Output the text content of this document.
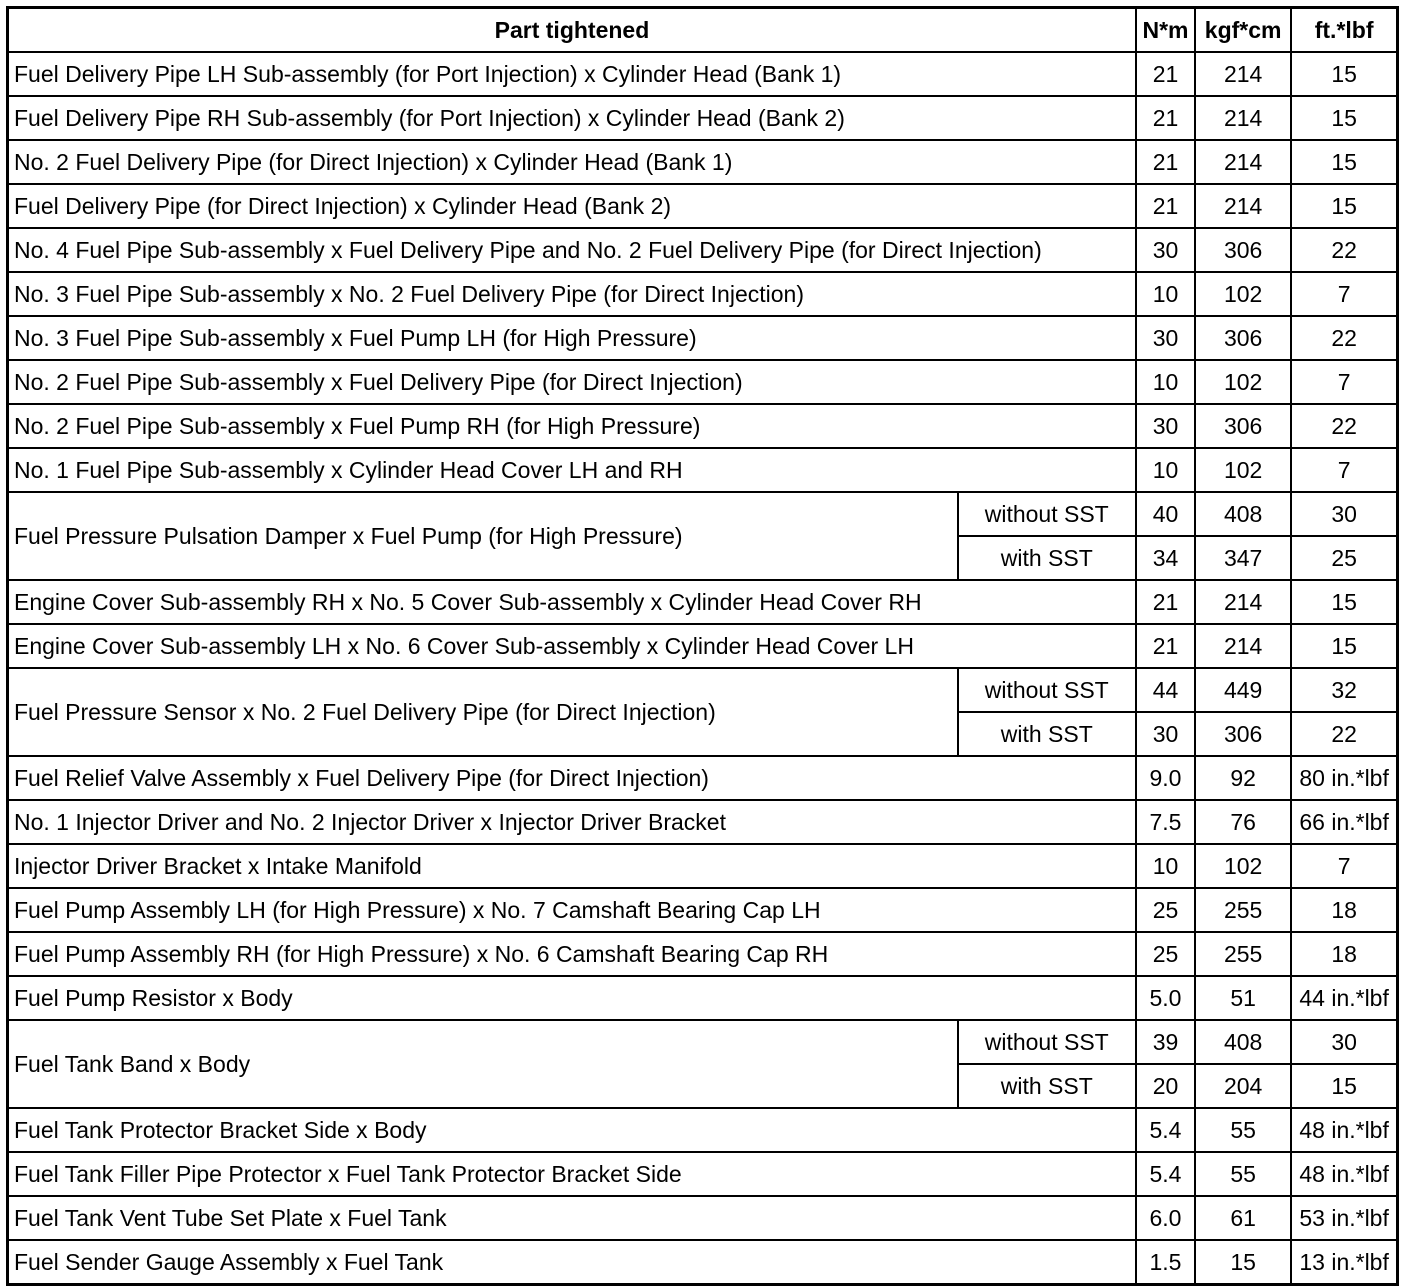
Part tightened		N*m	kgf*cm	ft.*lbf
Fuel Delivery Pipe LH Sub-assembly (for Port Injection) x Cylinder Head (Bank 1)		21	214	15
Fuel Delivery Pipe RH Sub-assembly (for Port Injection) x Cylinder Head (Bank 2)		21	214	15
No. 2 Fuel Delivery Pipe (for Direct Injection) x Cylinder Head (Bank 1)		21	214	15
Fuel Delivery Pipe (for Direct Injection) x Cylinder Head (Bank 2)		21	214	15
No. 4 Fuel Pipe Sub-assembly x Fuel Delivery Pipe and No. 2 Fuel Delivery Pipe (for Direct Injection)		30	306	22
No. 3 Fuel Pipe Sub-assembly x No. 2 Fuel Delivery Pipe (for Direct Injection)		10	102	7
No. 3 Fuel Pipe Sub-assembly x Fuel Pump LH (for High Pressure)		30	306	22
No. 2 Fuel Pipe Sub-assembly x Fuel Delivery Pipe (for Direct Injection)		10	102	7
No. 2 Fuel Pipe Sub-assembly x Fuel Pump RH (for High Pressure)		30	306	22
No. 1 Fuel Pipe Sub-assembly x Cylinder Head Cover LH and RH		10	102	7
Fuel Pressure Pulsation Damper x Fuel Pump (for High Pressure)	without SST	40	408	30
	with SST	34	347	25
Engine Cover Sub-assembly RH x No. 5 Cover Sub-assembly x Cylinder Head Cover RH		21	214	15
Engine Cover Sub-assembly LH x No. 6 Cover Sub-assembly x Cylinder Head Cover LH		21	214	15
Fuel Pressure Sensor x No. 2 Fuel Delivery Pipe (for Direct Injection)	without SST	44	449	32
	with SST	30	306	22
Fuel Relief Valve Assembly x Fuel Delivery Pipe (for Direct Injection)		9.0	92	80 in.*lbf
No. 1 Injector Driver and No. 2 Injector Driver x Injector Driver Bracket		7.5	76	66 in.*lbf
Injector Driver Bracket x Intake Manifold		10	102	7
Fuel Pump Assembly LH (for High Pressure) x No. 7 Camshaft Bearing Cap LH		25	255	18
Fuel Pump Assembly RH (for High Pressure) x No. 6 Camshaft Bearing Cap RH		25	255	18
Fuel Pump Resistor x Body		5.0	51	44 in.*lbf
Fuel Tank Band x Body	without SST	39	408	30
	with SST	20	204	15
Fuel Tank Protector Bracket Side x Body		5.4	55	48 in.*lbf
Fuel Tank Filler Pipe Protector x Fuel Tank Protector Bracket Side		5.4	55	48 in.*lbf
Fuel Tank Vent Tube Set Plate x Fuel Tank		6.0	61	53 in.*lbf
Fuel Sender Gauge Assembly x Fuel Tank		1.5	15	13 in.*lbf
